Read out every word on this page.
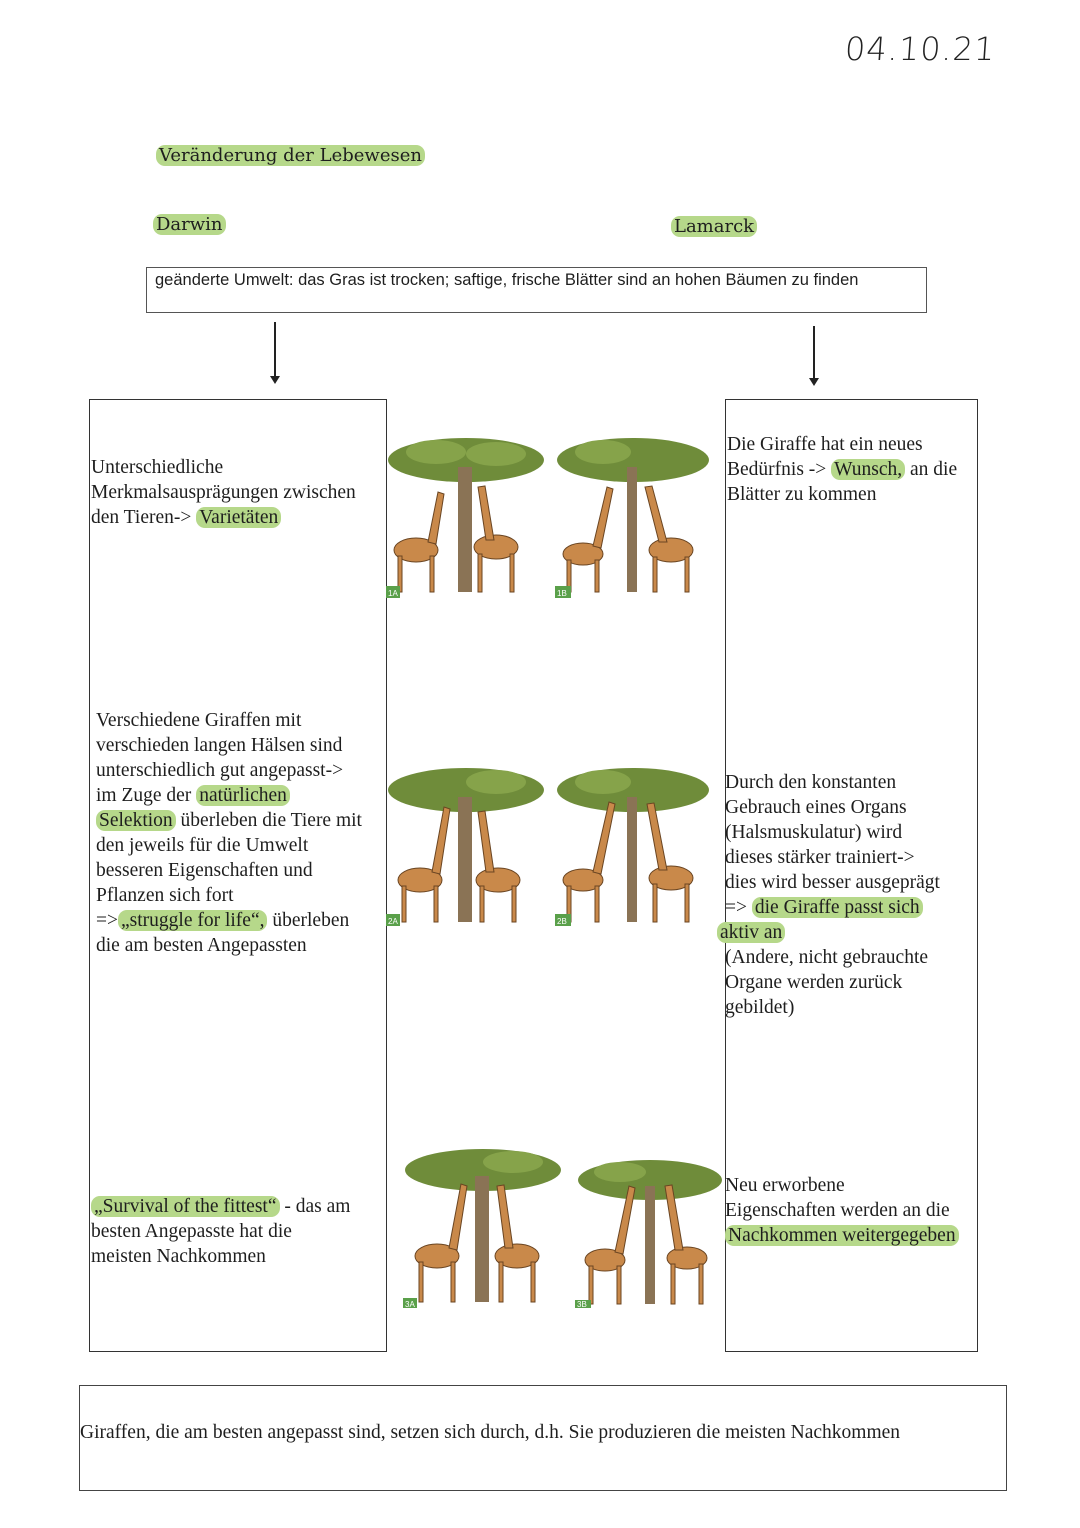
04.10.21
Veränderung der Lebewesen
Darwin	Lamarck
geänderte Umwelt: das Gras ist trocken; saftige, frische Blätter sind an hohen Bäumen zu finden
Unterschiedliche
Merkmalsausprägungen zwischen
den Tieren-> Varietäten
Verschiedene Giraffen mit
verschieden langen Hälsen sind
unterschiedlich gut angepasst->
im Zuge der natürlichen
Selektion überleben die Tiere mit
den jeweils für die Umwelt
besseren Eigenschaften und
Pflanzen sich fort
=> „struggle for life“, überleben
die am besten Angepassten
„Survival of the fittest“ - das am
besten Angepasste hat die
meisten Nachkommen
Die Giraffe hat ein neues
Bedürfnis -> Wunsch, an die
Blätter zu kommen
Durch den konstanten
Gebrauch eines Organs
(Halsmuskulatur) wird
dieses stärker trainiert->
dies wird besser ausgeprägt
=> die Giraffe passt sich
aktiv an
(Andere, nicht gebrauchte
Organe werden zurück
gebildet)
Neu erworbene
Eigenschaften werden an die
Nachkommen weitergegeben
1A	1B
2A	2B
3A	3B
Giraffen, die am besten angepasst sind, setzen sich durch, d.h. Sie produzieren die meisten Nachkommen
